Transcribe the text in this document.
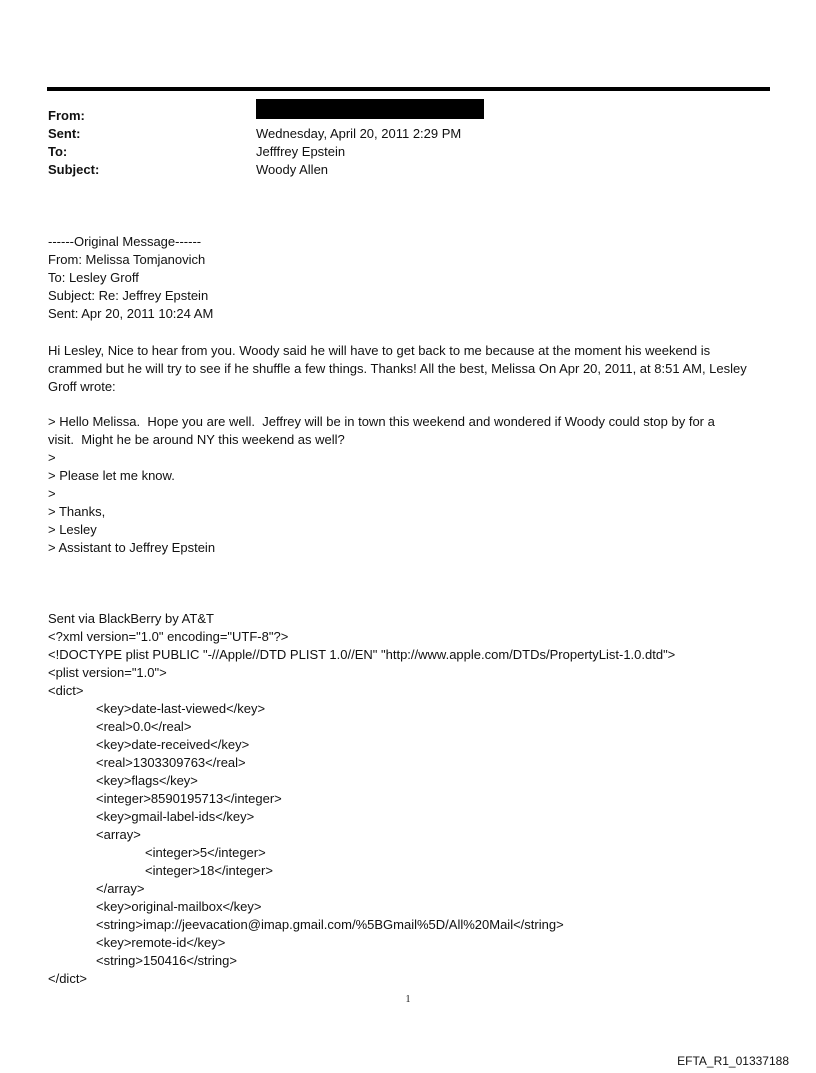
From:
Sent:	Wednesday, April 20, 2011 2:29 PM
To:	Jefffrey Epstein
Subject:	Woody Allen
------Original Message------
From: Melissa Tomjanovich
To: Lesley Groff
Subject: Re: Jeffrey Epstein
Sent: Apr 20, 2011 10:24 AM
Hi Lesley, Nice to hear from you. Woody said he will have to get back to me because at the moment his weekend is crammed but he will try to see if he shuffle a few things. Thanks! All the best, Melissa On Apr 20, 2011, at 8:51 AM, Lesley Groff wrote:
> Hello Melissa.  Hope you are well.  Jeffrey will be in town this weekend and wondered if Woody could stop by for a
visit.  Might he be around NY this weekend as well?
>
> Please let me know.
>
> Thanks,
> Lesley
> Assistant to Jeffrey Epstein
Sent via BlackBerry by AT&T
<?xml version="1.0" encoding="UTF-8"?>
<!DOCTYPE plist PUBLIC "-//Apple//DTD PLIST 1.0//EN" "http://www.apple.com/DTDs/PropertyList-1.0.dtd">
<plist version="1.0">
<dict>
<key>date-last-viewed</key>
<real>0.0</real>
<key>date-received</key>
<real>1303309763</real>
<key>flags</key>
<integer>8590195713</integer>
<key>gmail-label-ids</key>
<array>
<integer>5</integer>
<integer>18</integer>
</array>
<key>original-mailbox</key>
<string>imap://jeevacation@imap.gmail.com/%5BGmail%5D/All%20Mail</string>
<key>remote-id</key>
<string>150416</string>
</dict>
1
EFTA_R1_01337188
